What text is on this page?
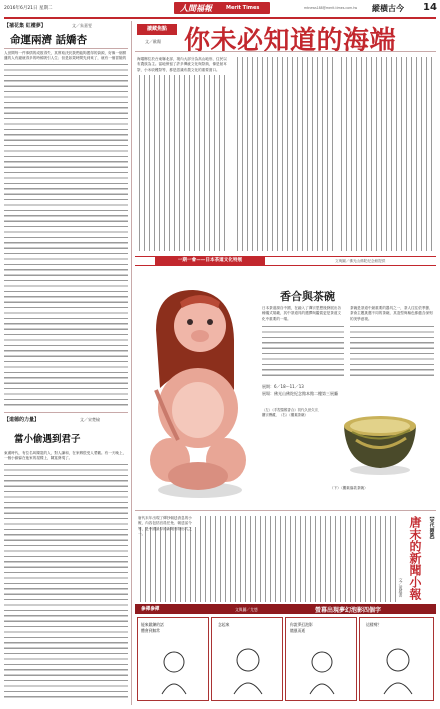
2016年6月21日 星期二	人間福報	Merit Times	mtnews188@merit-times.com.tw 縱橫古今 14
【禧花集 紅樓夢】	文／朱嘉雯
命運兩濟 話嬌杏
人世間每一件事情的成敗得失，其實取決於我們能夠獲得的資源，好像一個棋盤的人有錢就得多的時候吸引人生；但是如果時間先到來了，就有一個冒險的
【道德的力量】	文／宋楚榆
當小偷遇到君子
東漢時代，有位名叫陳寔的人，對人謙和，在家鄉很受人愛戴。有一天晚上，一個小偷躲在他家的屋樑上，陳寔發現了。
讀藏焦點
文／歐陽 你未必知道的海端
海端鄉位於台東縣北部，境內大部分為高山地形，住民以布農族為主。當地保留了許多傳統文化與祭典，像是射耳祭、小米收穫祭等，都是認識布農文化的重要窗口。
一期一會——日本茶道文化特展	文與圖／佛光山佛陀紀念館提供
香合與茶碗
日本茶道源自中國，在融入了禪宗思想後發展出各種儀式規範，其中茶道具的選擇與鑑賞更是茶道文化中重要的一環。
茶碗是茶道中最重要的器具之一，茶人往往依季節、茶會主題挑選不同的茶碗，其造型與釉色都蘊含深刻的美學意境。
展期：6／18～11／13
展場：佛光山佛陀紀念館本館二樓第三展廳
（左）《手捏猿猴香合》初代久世久宗．關宗霽藏，（右）《楓葉茶碗》
（下）〈楓葉落款茶碗〉
唐代末年出現了傳抄朝廷消息的小報，內容包括官員任免、朝廷詔令等，是中國最早的新聞刊物形式之一。	【宋代雜談】
唐末的新聞小報
文／黃啟書
參禪參禪	文與圖／尤悠	螢幕出現夢幻泡影四個字
能來鍛鍊的話
體會到無常
念起來	你說夢幻泡影
隨風而逝
這樣嗎？
